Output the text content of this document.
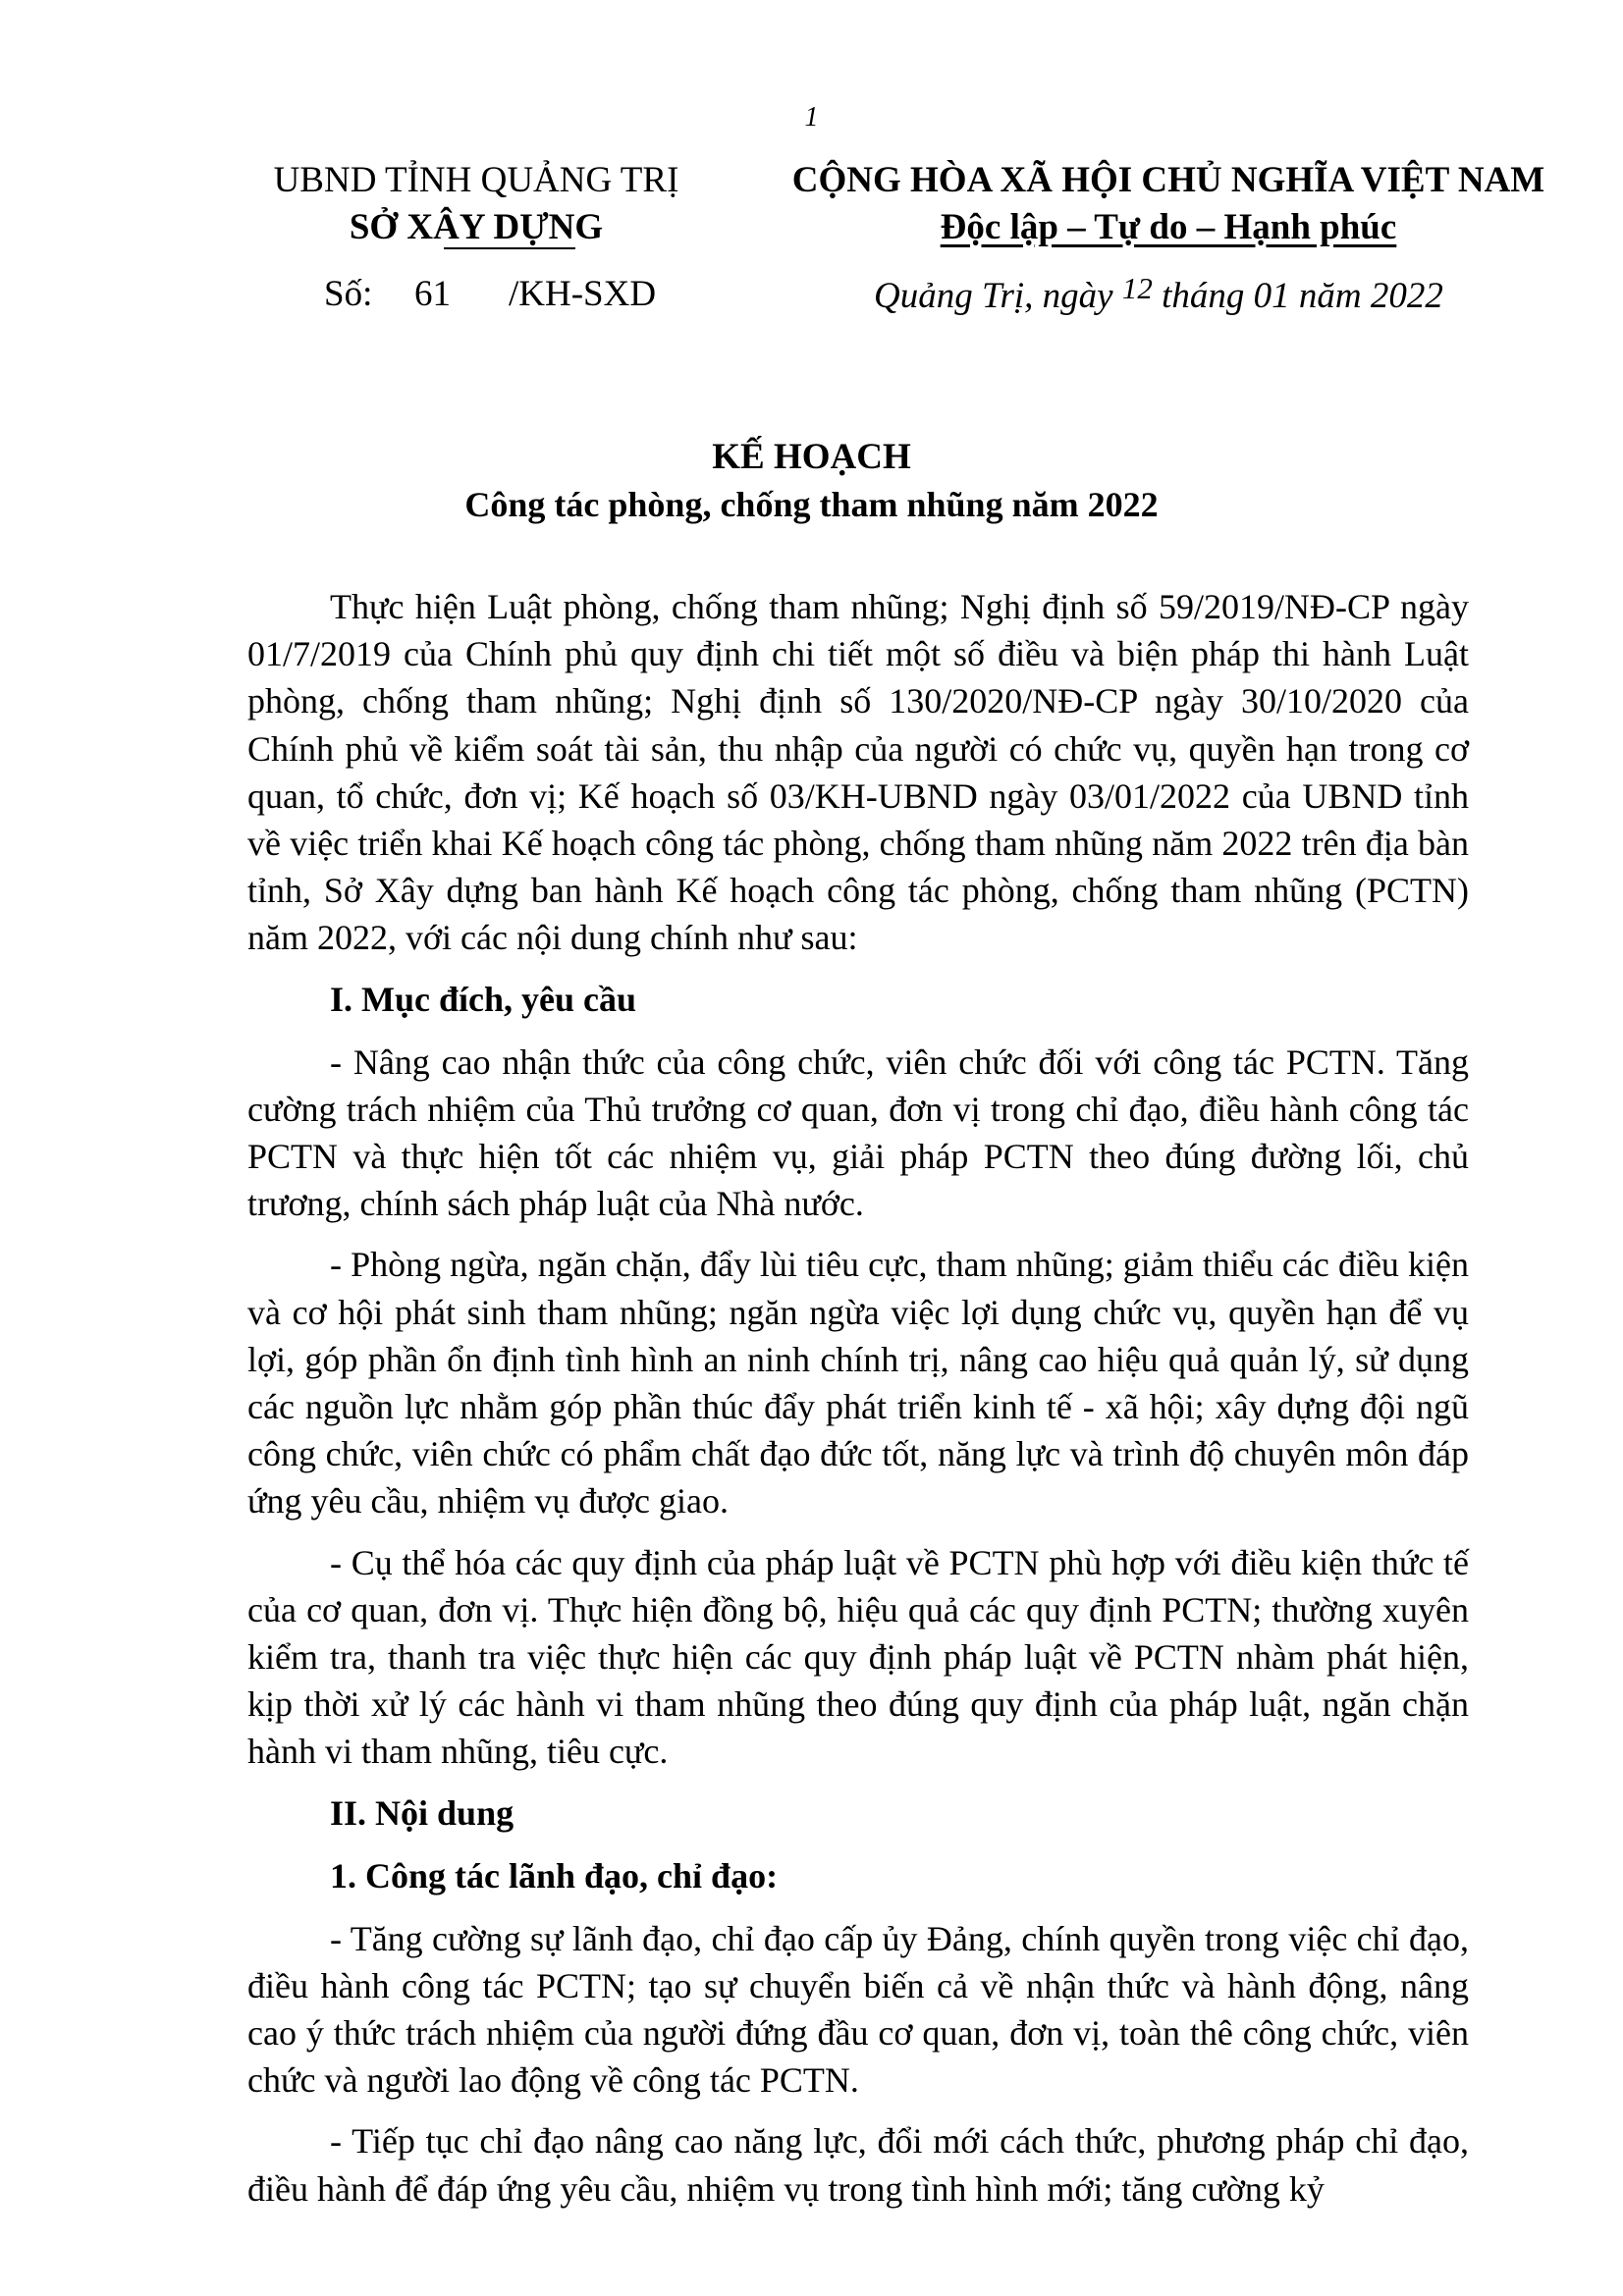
1
UBND TỈNH QUẢNG TRỊ
SỞ XÂY DỰNG
CỘNG HÒA XÃ HỘI CHỦ NGHĨA VIỆT NAM
Độc lập – Tự do – Hạnh phúc
Số: 61 /KH-SXD	Quảng Trị, ngày $^{12}$ tháng 01 năm 2022
KẾ HOẠCH
Công tác phòng, chống tham nhũng năm 2022

Thực hiện Luật phòng, chống tham nhũng; Nghị định số 59/2019/NĐ-CP ngày 01/7/2019 của Chính phủ quy định chi tiết một số điều và biện pháp thi hành Luật phòng, chống tham nhũng; Nghị định số 130/2020/NĐ-CP ngày 30/10/2020 của Chính phủ về kiểm soát tài sản, thu nhập của người có chức vụ, quyền hạn trong cơ quan, tổ chức, đơn vị; Kế hoạch số 03/KH-UBND ngày 03/01/2022 của UBND tỉnh về việc triển khai Kế hoạch công tác phòng, chống tham nhũng năm 2022 trên địa bàn tỉnh, Sở Xây dựng ban hành Kế hoạch công tác phòng, chống tham nhũng (PCTN) năm 2022, với các nội dung chính như sau:

I. Mục đích, yêu cầu

- Nâng cao nhận thức của công chức, viên chức đối với công tác PCTN. Tăng cường trách nhiệm của Thủ trưởng cơ quan, đơn vị trong chỉ đạo, điều hành công tác PCTN và thực hiện tốt các nhiệm vụ, giải pháp PCTN theo đúng đường lối, chủ trương, chính sách pháp luật của Nhà nước.

- Phòng ngừa, ngăn chặn, đẩy lùi tiêu cực, tham nhũng; giảm thiểu các điều kiện và cơ hội phát sinh tham nhũng; ngăn ngừa việc lợi dụng chức vụ, quyền hạn để vụ lợi, góp phần ổn định tình hình an ninh chính trị, nâng cao hiệu quả quản lý, sử dụng các nguồn lực nhằm góp phần thúc đẩy phát triển kinh tế - xã hội; xây dựng đội ngũ công chức, viên chức có phẩm chất đạo đức tốt, năng lực và trình độ chuyên môn đáp ứng yêu cầu, nhiệm vụ được giao.

- Cụ thể hóa các quy định của pháp luật về PCTN phù hợp với điều kiện thức tế của cơ quan, đơn vị. Thực hiện đồng bộ, hiệu quả các quy định PCTN; thường xuyên kiểm tra, thanh tra việc thực hiện các quy định pháp luật về PCTN nhàm phát hiện, kịp thời xử lý các hành vi tham nhũng theo đúng quy định của pháp luật, ngăn chặn hành vi tham nhũng, tiêu cực.

II. Nội dung

1. Công tác lãnh đạo, chỉ đạo:

- Tăng cường sự lãnh đạo, chỉ đạo cấp ủy Đảng, chính quyền trong việc chỉ đạo, điều hành công tác PCTN; tạo sự chuyển biến cả về nhận thức và hành động, nâng cao ý thức trách nhiệm của người đứng đầu cơ quan, đơn vị, toàn thê công chức, viên chức và người lao động về công tác PCTN.

- Tiếp tục chỉ đạo nâng cao năng lực, đổi mới cách thức, phương pháp chỉ đạo, điều hành để đáp ứng yêu cầu, nhiệm vụ trong tình hình mới; tăng cường kỷ
